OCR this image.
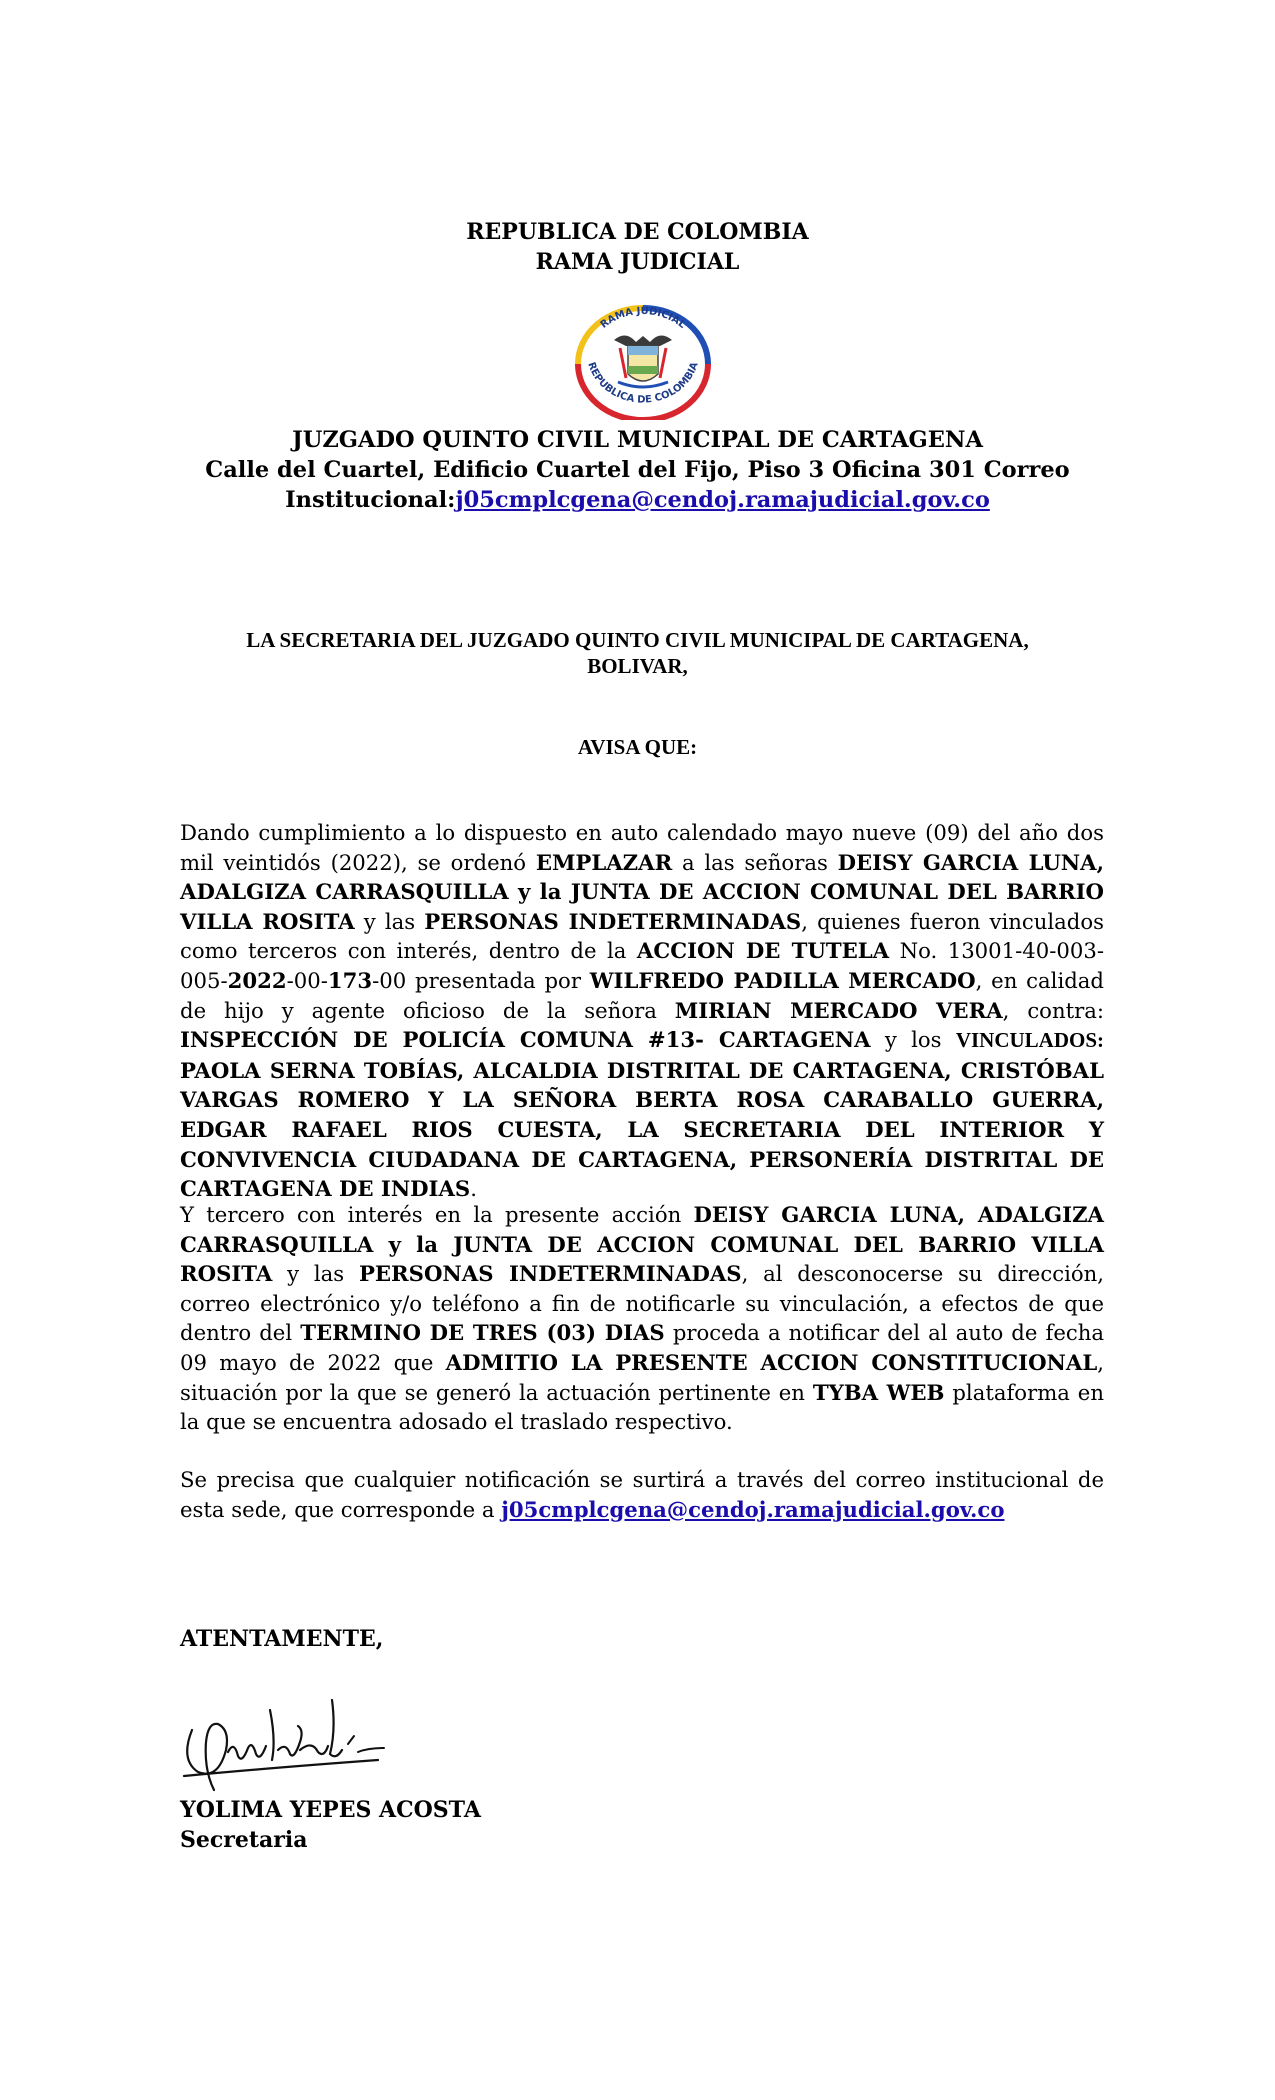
REPUBLICA DE COLOMBIA
RAMA JUDICIAL
RAMA JUDICIAL
REPUBLICA DE COLOMBIA
JUZGADO QUINTO CIVIL MUNICIPAL DE CARTAGENA
Calle del Cuartel, Edificio Cuartel del Fijo, Piso 3 Oficina 301 Correo
Institucional:j05cmplcgena@cendoj.ramajudicial.gov.co
LA SECRETARIA DEL JUZGADO QUINTO CIVIL MUNICIPAL DE CARTAGENA,
BOLIVAR,
AVISA QUE:
Dando cumplimiento a lo dispuesto en auto calendado mayo nueve (09) del año dos mil veintidós (2022), se ordenó EMPLAZAR a las señoras DEISY GARCIA LUNA, ADALGIZA CARRASQUILLA y la JUNTA DE ACCION COMUNAL DEL BARRIO VILLA ROSITA y las PERSONAS INDETERMINADAS, quienes fueron vinculados como terceros con interés, dentro de la ACCION DE TUTELA No. 13001-40-003-005-2022-00-173-00 presentada por WILFREDO PADILLA MERCADO, en calidad de hijo y agente oficioso de la señora MIRIAN MERCADO VERA, contra: INSPECCIÓN DE POLICÍA COMUNA #13- CARTAGENA y los VINCULADOS: PAOLA SERNA TOBÍAS, ALCALDIA DISTRITAL DE CARTAGENA, CRISTÓBAL VARGAS ROMERO Y LA SEÑORA BERTA ROSA CARABALLO GUERRA, EDGAR RAFAEL RIOS CUESTA, LA SECRETARIA DEL INTERIOR Y CONVIVENCIA CIUDADANA DE CARTAGENA, PERSONERÍA DISTRITAL DE CARTAGENA DE INDIAS.
Y tercero con interés en la presente acción DEISY GARCIA LUNA, ADALGIZA CARRASQUILLA y la JUNTA DE ACCION COMUNAL DEL BARRIO VILLA ROSITA y las PERSONAS INDETERMINADAS, al desconocerse su dirección, correo electrónico y/o teléfono a fin de notificarle su vinculación, a efectos de que dentro del TERMINO DE TRES (03) DIAS proceda a notificar del al auto de fecha 09 mayo de 2022 que ADMITIO LA PRESENTE ACCION CONSTITUCIONAL, situación por la que se generó la actuación pertinente en TYBA WEB plataforma en la que se encuentra adosado el traslado respectivo.
Se precisa que cualquier notificación se surtirá a través del correo institucional de esta sede, que corresponde a j05cmplcgena@cendoj.ramajudicial.gov.co
ATENTAMENTE,
YOLIMA YEPES ACOSTA
Secretaria
